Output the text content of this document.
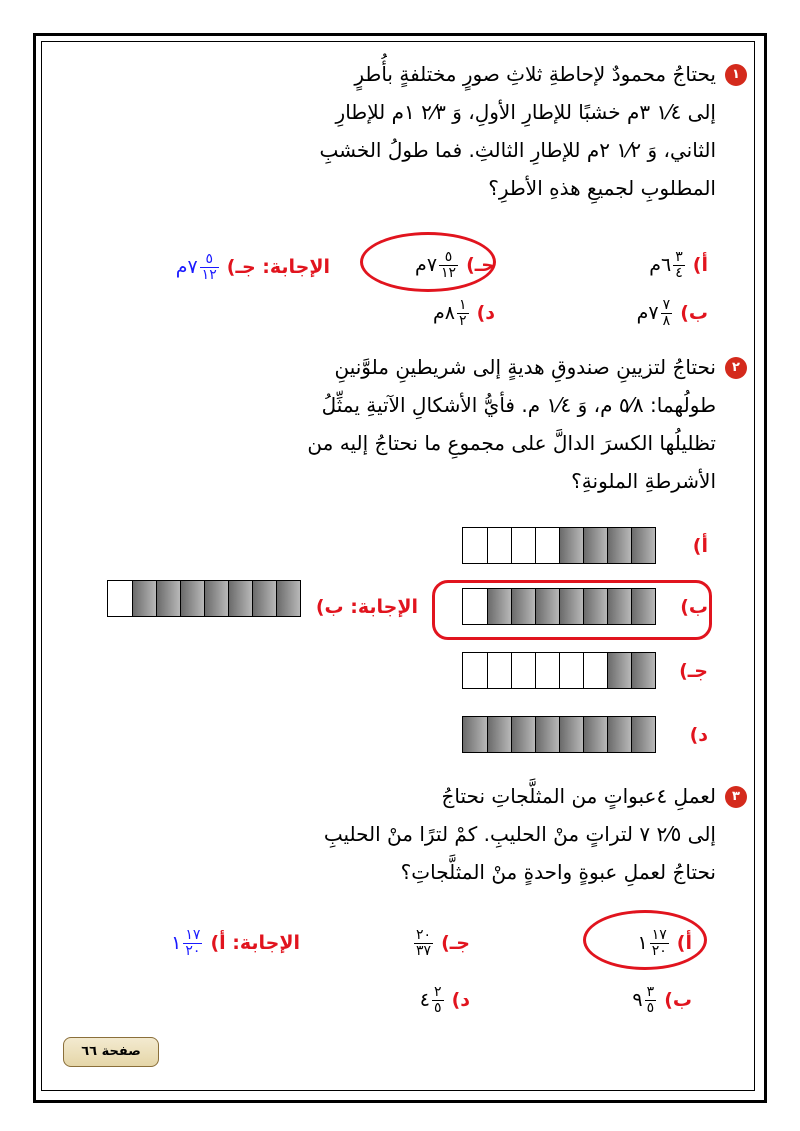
١
يحتاجُ محمودٌ لإحاطةِ ثلاثِ صورٍ مختلفةٍ بأُطرٍ
إلى ١⁄٤ ٣م خشبًا للإطارِ الأولِ، وَ ٢⁄٣ ١م للإطارِ
الثاني، وَ ١⁄٢ ٢م للإطارِ الثالثِ. فما طولُ الخشبِ
المطلوبِ لجميعِ هذهِ الأطرِ؟
أ)
$\frac{٣}{٤}$
٦م
جـ)
$\frac{٥}{١٢}$
٧م
ب)
$\frac{٧}{٨}$
٧م
د)
$\frac{١}{٢}$
٨م
الإجابة: جـ)
$\frac{٥}{١٢}$
٧م
٢
نحتاجُ لتزيينِ صندوقِ هديةٍ إلى شريطينِ ملوَّنينِ
طولُهما: ٥⁄٨ م، وَ ١⁄٤ م. فأيُّ الأشكالِ الآتيةِ يمثِّلُ
تظليلُها الكسرَ الدالَّ على مجموعِ ما نحتاجُ إليه من
الأشرطةِ الملونةِ؟
أ)
ب)
جـ)
د)
الإجابة: ب)
٣
لعملِ ٤عبواتٍ من المثلَّجاتِ نحتاجُ
إلى ٢⁄٥ ٧ لتراتٍ منْ الحليبِ. كمْ لترًا منْ الحليبِ
نحتاجُ لعملِ عبوةٍ واحدةٍ منْ المثلَّجاتِ؟
أ)
$\frac{١٧}{٢٠}$
١
جـ)
$\frac{٢٠}{٣٧}$
ب)
$\frac{٣}{٥}$
٩
د)
$\frac{٢}{٥}$
٤
الإجابة: أ)
$\frac{١٧}{٢٠}$
١
صفحة ٦٦
